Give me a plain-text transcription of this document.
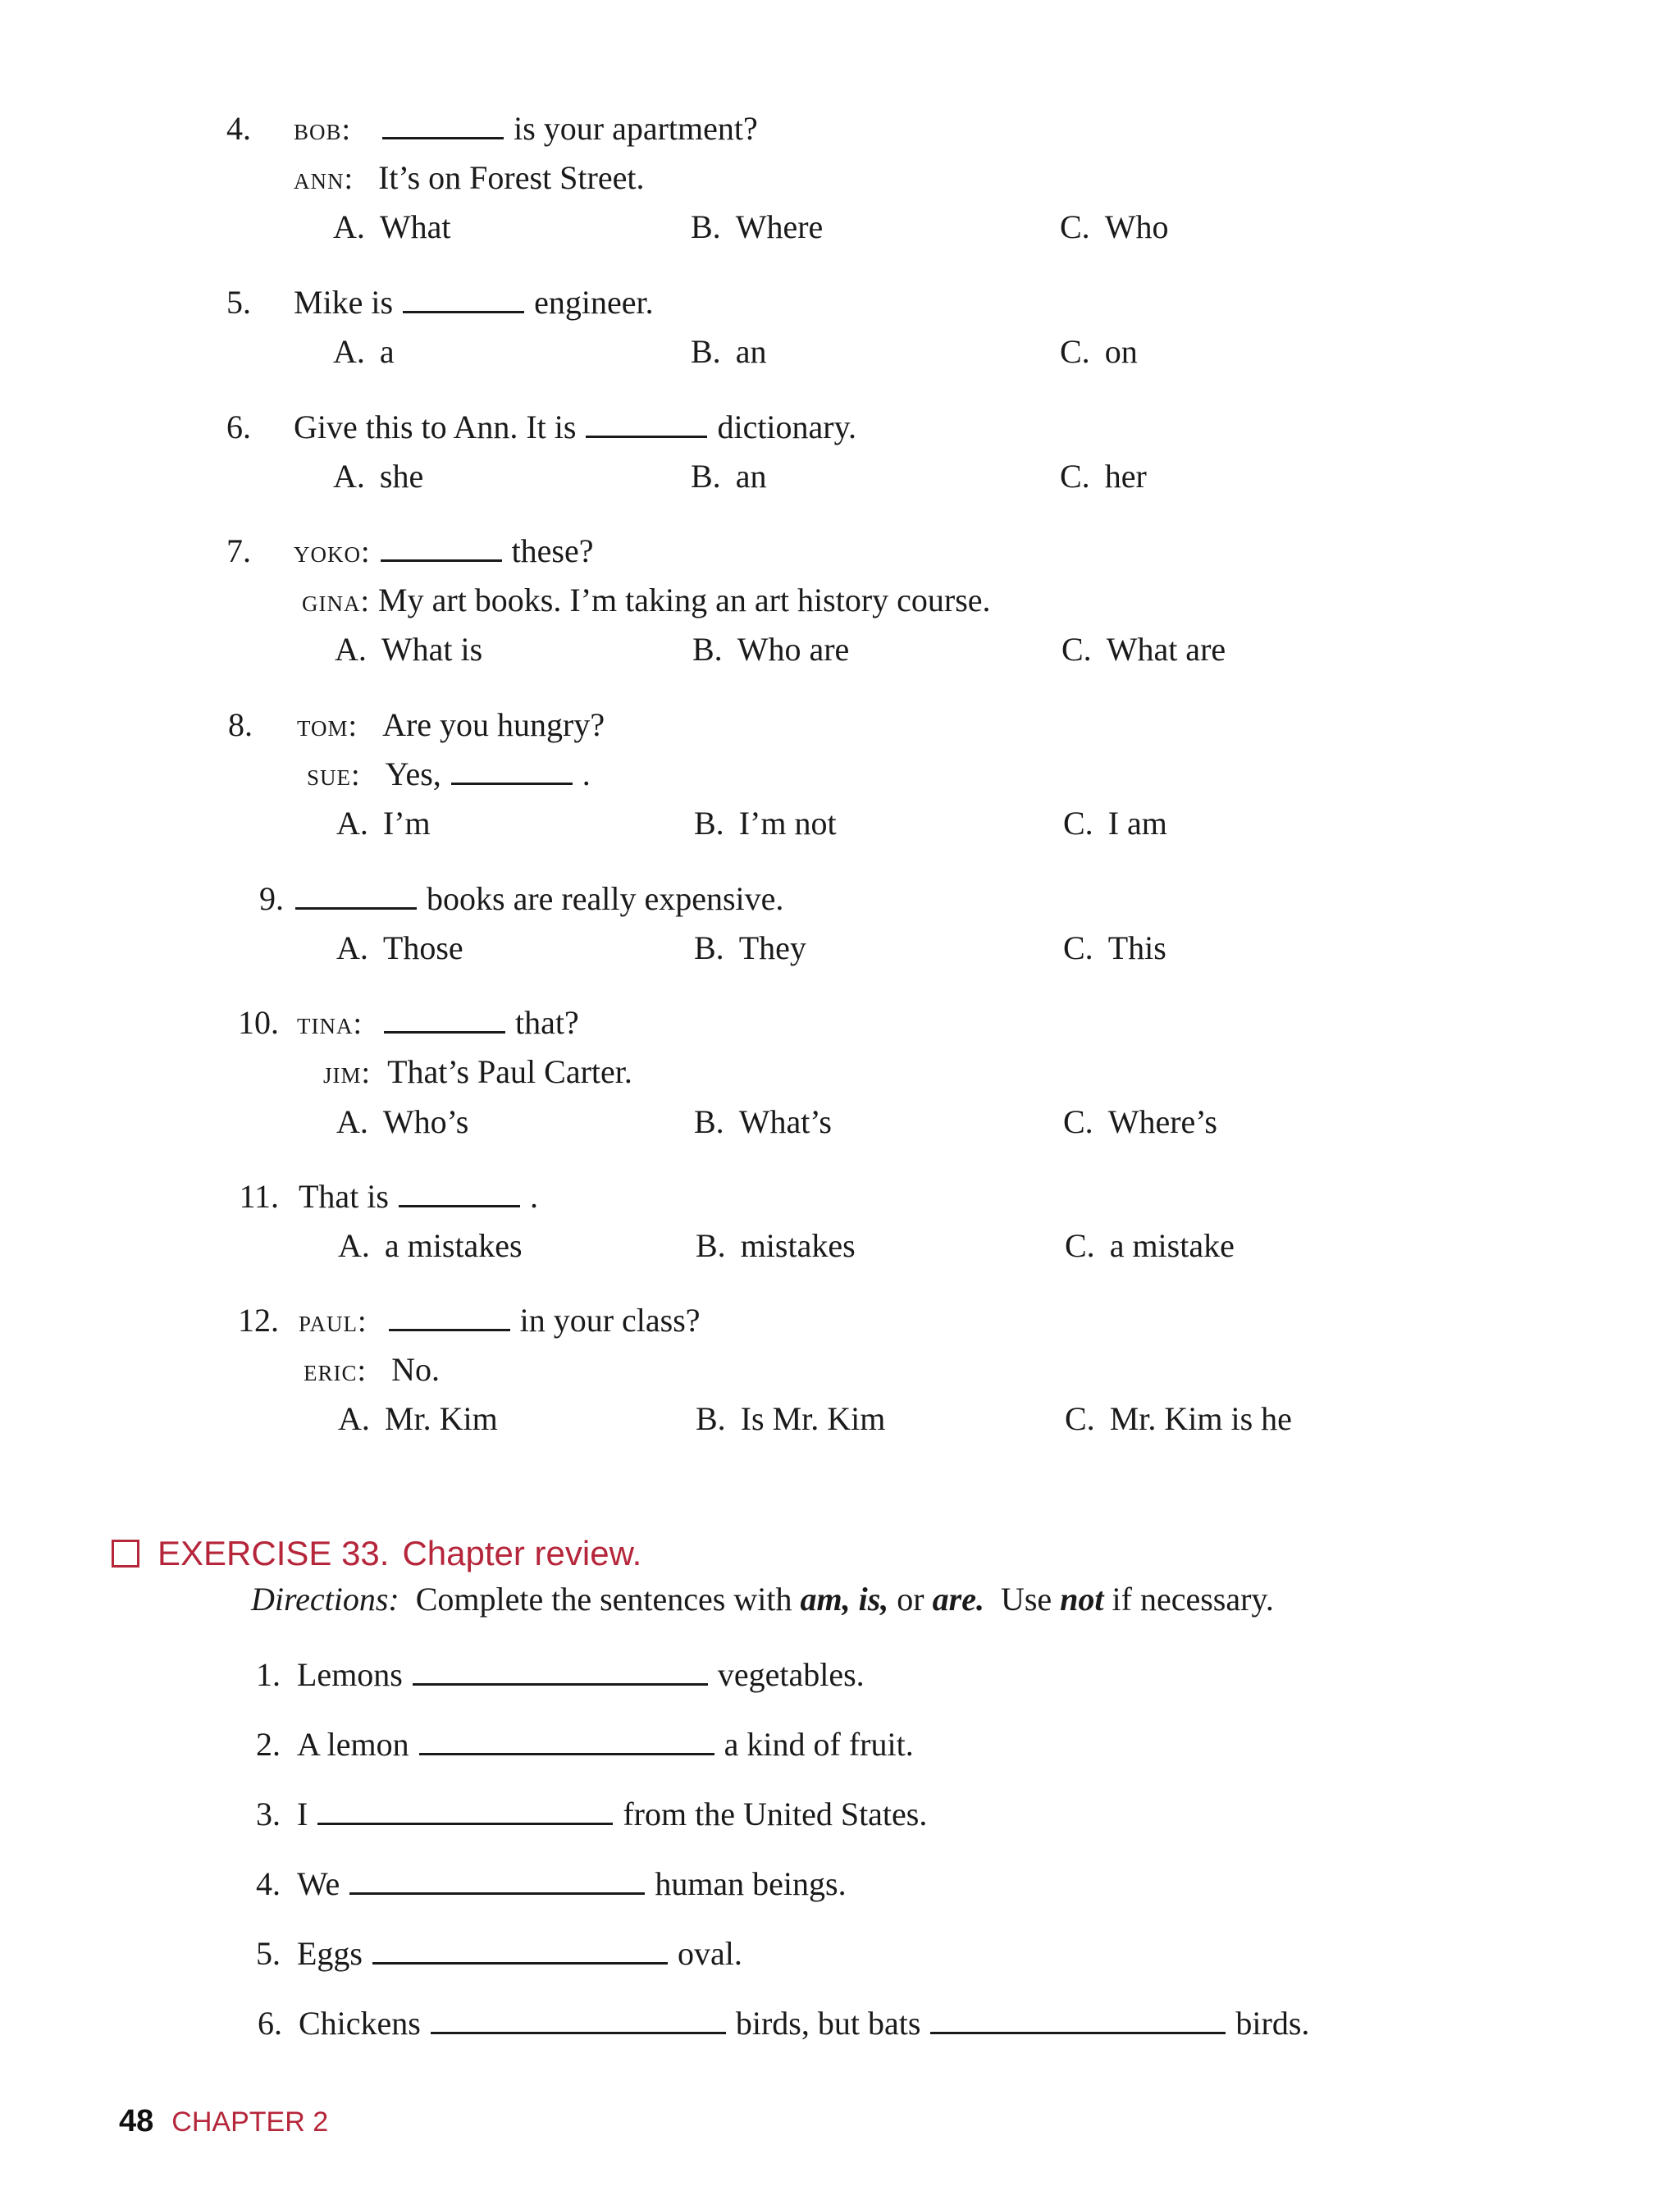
4. bob:	is your apartment?
ann: It’s on Forest Street.
A. What	B. Where	C. Who
5. Mike is	engineer.
A. a	B. an	C. on
6. Give this to Ann. It is	dictionary.
A. she	B. an	C. her
7. yoko:	these?
gina: My art books. I’m taking an art history course.
A. What is	B. Who are	C. What are
8. tom: Are you hungry?
sue: Yes,	.
A. I’m	B. I’m not	C. I am
9.	books are really expensive.
A. Those	B. They	C. This
10. tina:	that?
jim: That’s Paul Carter.
A. Who’s	B. What’s	C. Where’s
11. That is	.
A. a mistakes	B. mistakes	C. a mistake
12. paul:	in your class?
eric: No.
A. Mr. Kim	B. Is Mr. Kim	C. Mr. Kim is he
EXERCISE 33. Chapter review.
Directions: Complete the sentences with am, is, or are. Use not if necessary.
1. Lemons	vegetables.
2. A lemon	a kind of fruit.
3. I	from the United States.
4. We	human beings.
5. Eggs	oval.
6. Chickens	birds, but bats	birds.
48 CHAPTER 2
